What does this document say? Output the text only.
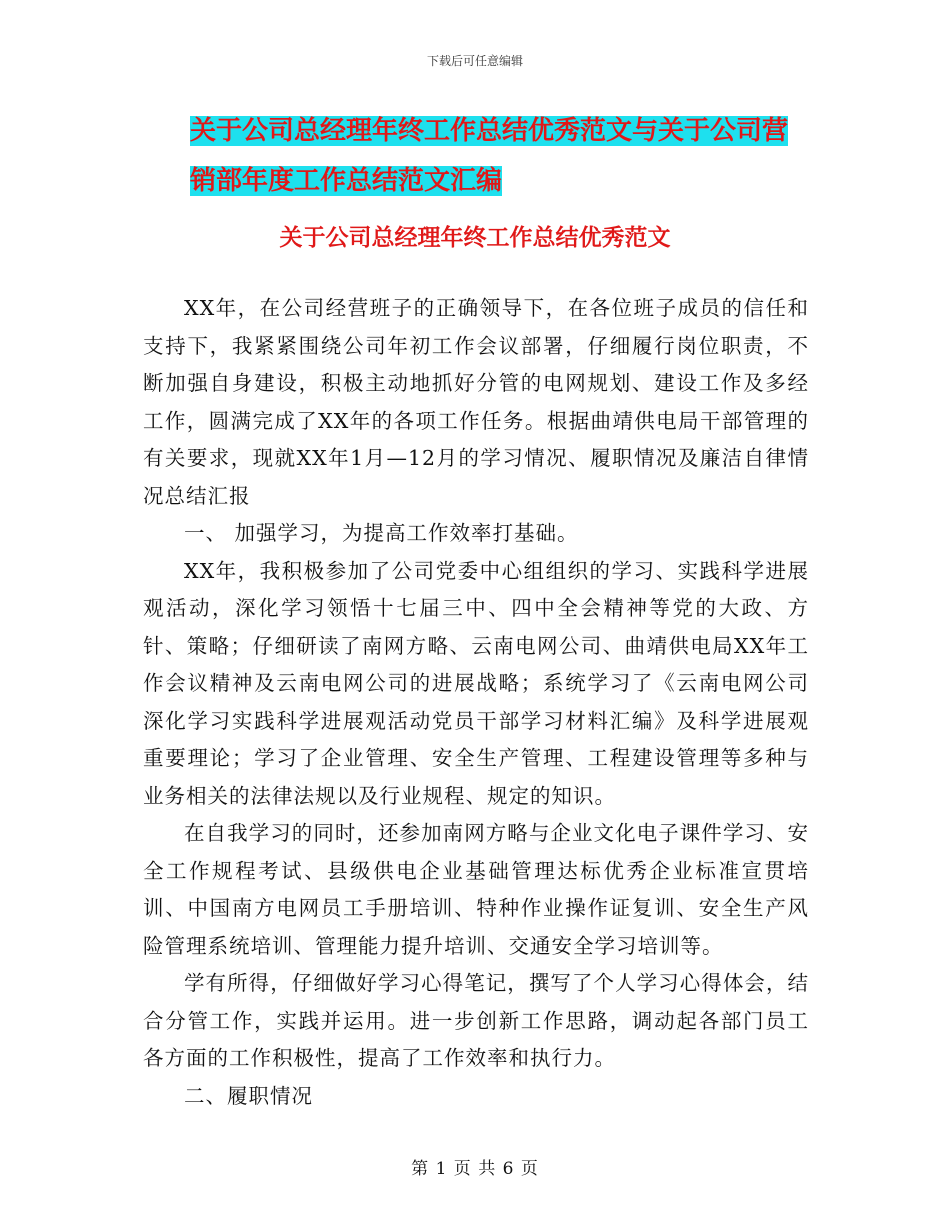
下载后可任意编辑
关于公司总经理年终工作总结优秀范文与关于公司营
销部年度工作总结范文汇编
关于公司总经理年终工作总结优秀范文

XX年，在公司经营班子的正确领导下，在各位班子成员的信任和支持下，我紧紧围绕公司年初工作会议部署，仔细履行岗位职责，不断加强自身建设，积极主动地抓好分管的电网规划、建设工作及多经工作，圆满完成了XX年的各项工作任务。根据曲靖供电局干部管理的有关要求，现就XX年1月—12月的学习情况、履职情况及廉洁自律情况总结汇报

一、 加强学习，为提高工作效率打基础。

XX年，我积极参加了公司党委中心组组织的学习、实践科学进展观活动，深化学习领悟十七届三中、四中全会精神等党的大政、方针、策略；仔细研读了南网方略、云南电网公司、曲靖供电局XX年工作会议精神及云南电网公司的进展战略；系统学习了《云南电网公司深化学习实践科学进展观活动党员干部学习材料汇编》及科学进展观重要理论；学习了企业管理、安全生产管理、工程建设管理等多种与业务相关的法律法规以及行业规程、规定的知识。

在自我学习的同时，还参加南网方略与企业文化电子课件学习、安全工作规程考试、县级供电企业基础管理达标优秀企业标准宣贯培训、中国南方电网员工手册培训、特种作业操作证复训、安全生产风险管理系统培训、管理能力提升培训、交通安全学习培训等。

学有所得，仔细做好学习心得笔记，撰写了个人学习心得体会，结合分管工作，实践并运用。进一步创新工作思路，调动起各部门员工各方面的工作积极性，提高了工作效率和执行力。

二、履职情况

第 1 页 共 6 页
